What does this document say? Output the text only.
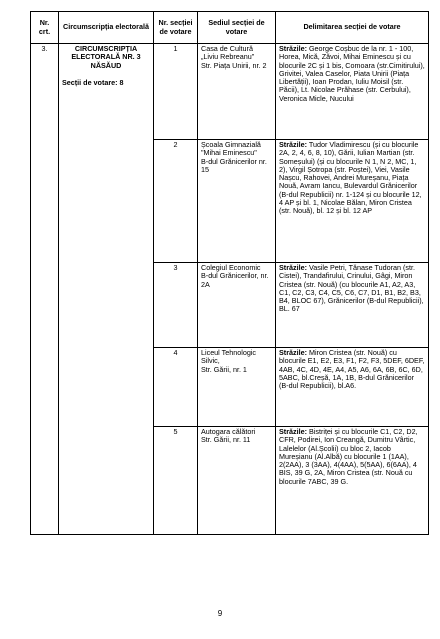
Nr. crt.	Circumscripția electorală	Nr. secției de votare	Sediul secției de votare	Delimitarea secției de votare
3.	CIRCUMSCRIPȚIA ELECTORALĂ NR. 3 NĂSĂUD
Secții de votare: 8	1	Casa de Cultură „Liviu Rebreanu”
Str. Piața Unirii, nr. 2	Străzile: George Coșbuc de la nr. 1 - 100, Horea, Mică, Zăvoi, Mihai Eminescu și cu blocurile 2C și 1 bis, Comoara (str.Cimitirului), Grivitei, Valea Caselor, Piata Unirii (Piața Libertății), Ioan Prodan, Iuliu Moisil (str. Păcii), Lt. Nicolae Prăhase (str. Cerbului), Veronica Micle, Nucului
		2	Școala Gimnazială "Mihai Eminescu"
B-dul Grănicerilor nr. 15	Străzile: Tudor Vladimirescu (și cu blocurile 2A, 2, 4, 6, 8, 10), Gării, Iulian Martian (str. Someșului) (și cu blocurile N 1, N 2, MC, 1, 2), Virgil Șotropa (str. Poștei), Viei, Vasile Nașcu, Rahovei, Andrei Mureșanu, Piața Nouă, Avram Iancu, Bulevardul Grănicerilor (B-dul Republicii) nr. 1-124 și cu blocurile 12, 4 AP și bl. 1, Nicolae Bălan, Miron Cristea (str. Nouă), bl. 12 și bl. 12 AP
		3	Colegiul Economic
B-dul Grănicerilor, nr. 2A	Străzile: Vasile Petri, Tănase Tudoran (str. Cistei), Trandafirului, Crinului, Gâgi, Miron Cristea (str. Nouă) (cu blocurile A1, A2, A3, C1, C2, C3, C4, C5, C6, C7, D1, B1, B2, B3, B4, BLOC 67), Grănicerilor (B-dul Republicii), BL. 67
		4	Liceul Tehnologic Silvic,
Str. Gării, nr. 1	Străzile: Miron Cristea (str. Nouă) cu blocurile E1, E2, E3, F1, F2, F3, 5DEF, 6DEF, 4AB, 4C, 4D, 4E, A4, A5, A6, 6A, 6B, 6C, 6D, 5ABC, bl.Creșă, 1A, 1B, B-dul Grănicerilor (B-dul Republicii), bl.A6.
		5	Autogara călători
Str. Gării, nr. 11	Străzile: Bistriței și cu blocurile C1, C2, D2, CFR, Podirei, Ion Creangă, Dumitru Vârtic, Lalelelor (Al.Școlii) cu bloc 2, Iacob Mureșianu (Al.Albă) cu blocurile 1 (1AA), 2(2AA), 3 (3AA), 4(4AA), 5(5AA), 6(6AA), 4 BIS, 39 G, 2A, Miron Cristea (str. Nouă cu blocurile 7ABC, 39 G.
9
